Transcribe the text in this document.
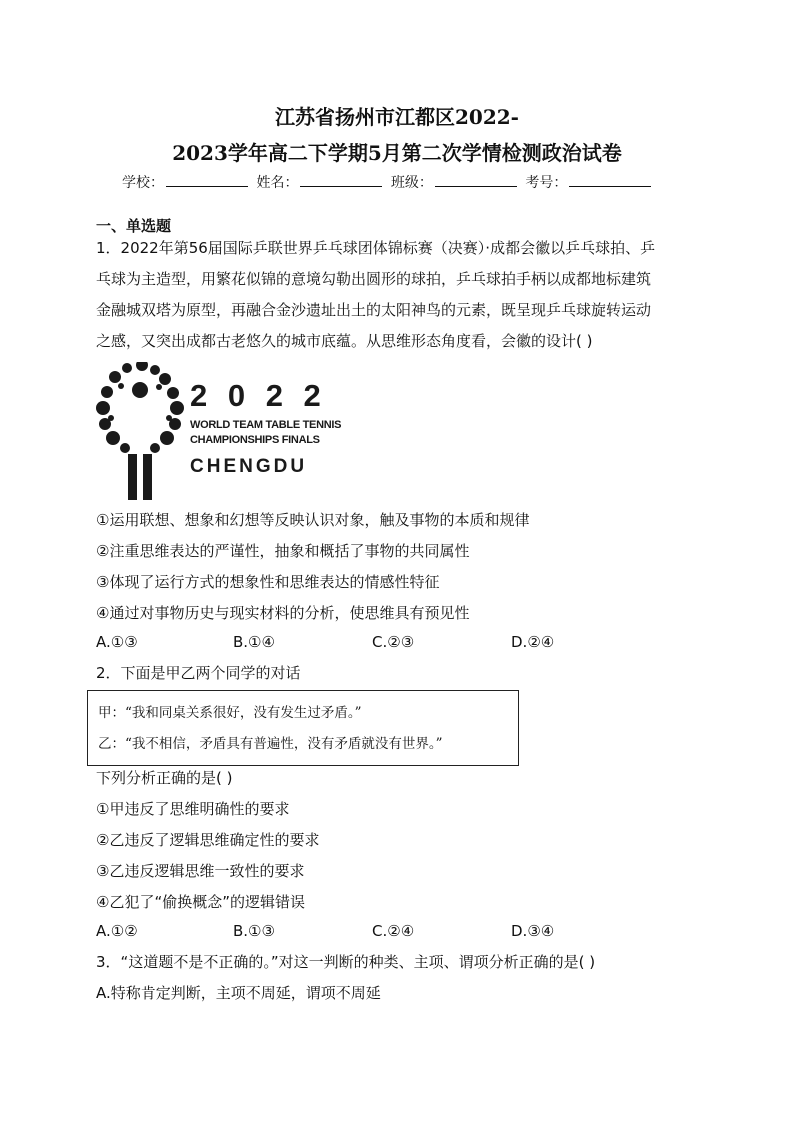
江苏省扬州市江都区2022-
2023学年高二下学期5月第二次学情检测政治试卷
学校：	姓名：	班级：	考号：
一、单选题
1．2022年第56届国际乒联世界乒乓球团体锦标赛（决赛）·成都会徽以乒乓球拍、乒
乓球为主造型，用繁花似锦的意境勾勒出圆形的球拍，乒乓球拍手柄以成都地标建筑
金融城双塔为原型，再融合金沙遗址出土的太阳神鸟的元素，既呈现乒乓球旋转运动
之感，又突出成都古老悠久的城市底蕴。从思维形态角度看，会徽的设计( )
2 0 2 2
WORLD TEAM TABLE TENNIS
CHAMPIONSHIPS FINALS
CHENGDU
①运用联想、想象和幻想等反映认识对象，触及事物的本质和规律
②注重思维表达的严谨性，抽象和概括了事物的共同属性
③体现了运行方式的想象性和思维表达的情感性特征
④通过对事物历史与现实材料的分析，使思维具有预见性
A.①③	B.①④	C.②③	D.②④
2．下面是甲乙两个同学的对话
甲：“我和同桌关系很好，没有发生过矛盾。”
乙：“我不相信，矛盾具有普遍性，没有矛盾就没有世界。”
下列分析正确的是( )
①甲违反了思维明确性的要求
②乙违反了逻辑思维确定性的要求
③乙违反逻辑思维一致性的要求
④乙犯了“偷换概念”的逻辑错误
A.①②	B.①③	C.②④	D.③④
3．“这道题不是不正确的。”对这一判断的种类、主项、谓项分析正确的是( )
A.特称肯定判断，主项不周延，谓项不周延
